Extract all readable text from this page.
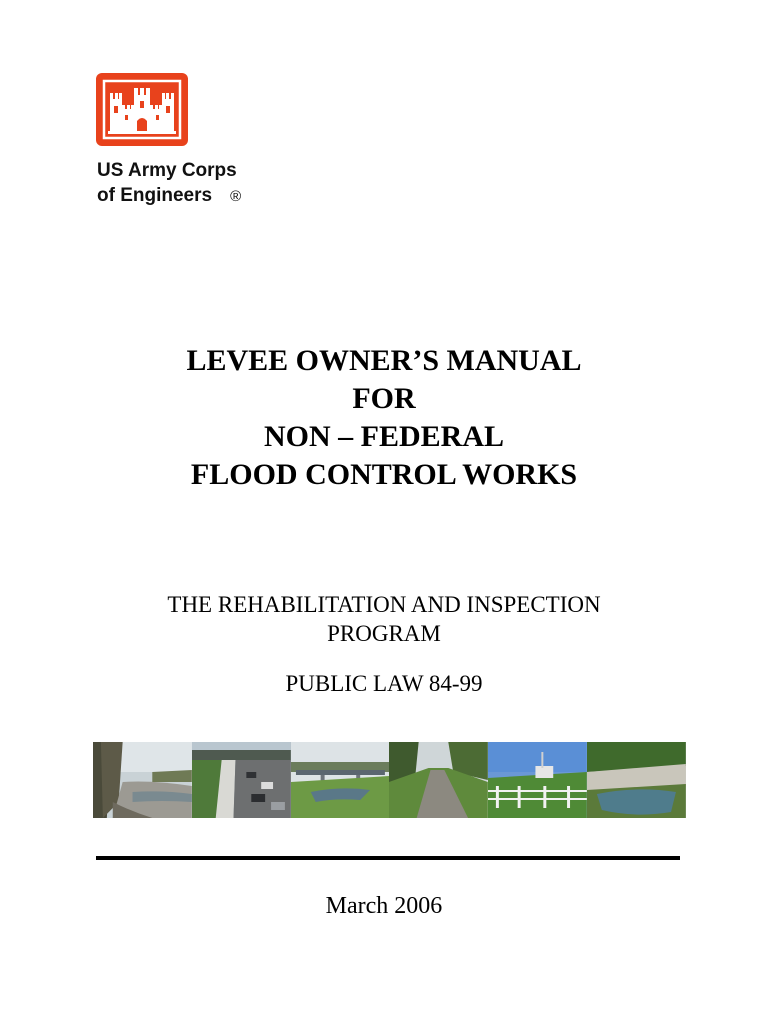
US Army Corps
of Engineers ®
LEVEE OWNER’S MANUAL
FOR
NON – FEDERAL
FLOOD CONTROL WORKS
THE REHABILITATION AND INSPECTION
PROGRAM
PUBLIC LAW 84-99
March 2006
